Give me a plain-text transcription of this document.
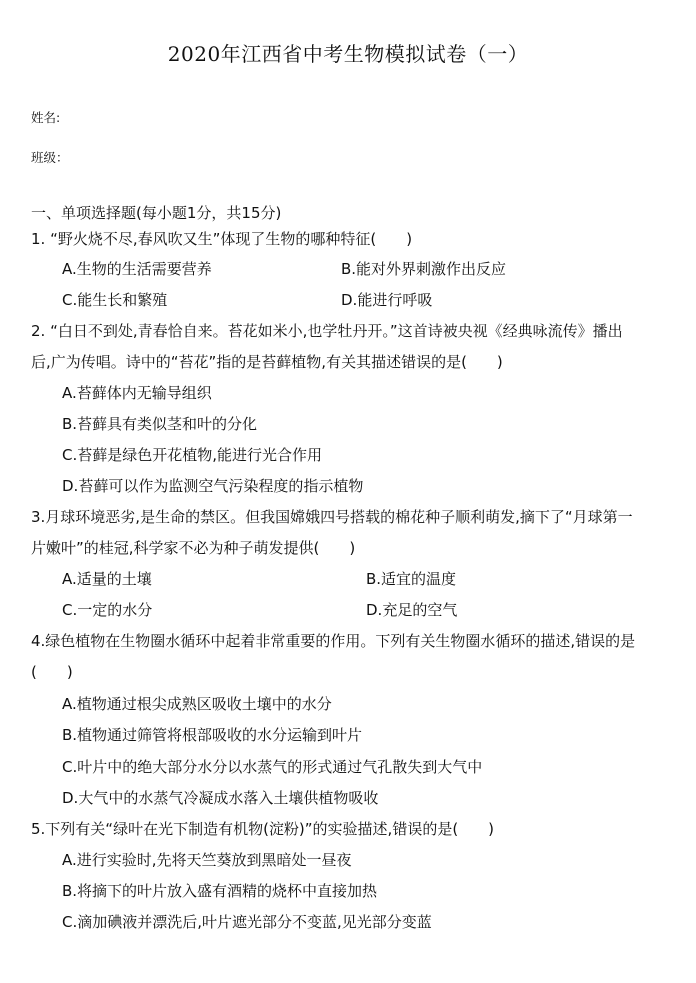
2020年江西省中考生物模拟试卷（一）
姓名:
班级：
一、单项选择题(每小题1分，共15分)
1. “野火烧不尽,春风吹又生”体现了生物的哪种特征(　　)
A.生物的生活需要营养	B.能对外界刺激作出反应
C.能生长和繁殖	D.能进行呼吸
2. “白日不到处,青春恰自来。苔花如米小,也学牡丹开。”这首诗被央视《经典咏流传》播出
后,广为传唱。诗中的“苔花”指的是苔藓植物,有关其描述错误的是(　　)
A.苔藓体内无输导组织
B.苔藓具有类似茎和叶的分化
C.苔藓是绿色开花植物,能进行光合作用
D.苔藓可以作为监测空气污染程度的指示植物
3.月球环境恶劣,是生命的禁区。但我国嫦娥四号搭载的棉花种子顺利萌发,摘下了“月球第一
片嫩叶”的桂冠,科学家不必为种子萌发提供(　　)
A.适量的土壤	B.适宜的温度
C.一定的水分	D.充足的空气
4.绿色植物在生物圈水循环中起着非常重要的作用。下列有关生物圈水循环的描述,错误的是
(　　)
A.植物通过根尖成熟区吸收土壤中的水分
B.植物通过筛管将根部吸收的水分运输到叶片
C.叶片中的绝大部分水分以水蒸气的形式通过气孔散失到大气中
D.大气中的水蒸气冷凝成水落入土壤供植物吸收
5.下列有关“绿叶在光下制造有机物(淀粉)”的实验描述,错误的是(　　)
A.进行实验时,先将天竺葵放到黑暗处一昼夜
B.将摘下的叶片放入盛有酒精的烧杯中直接加热
C.滴加碘液并漂洗后,叶片遮光部分不变蓝,见光部分变蓝
